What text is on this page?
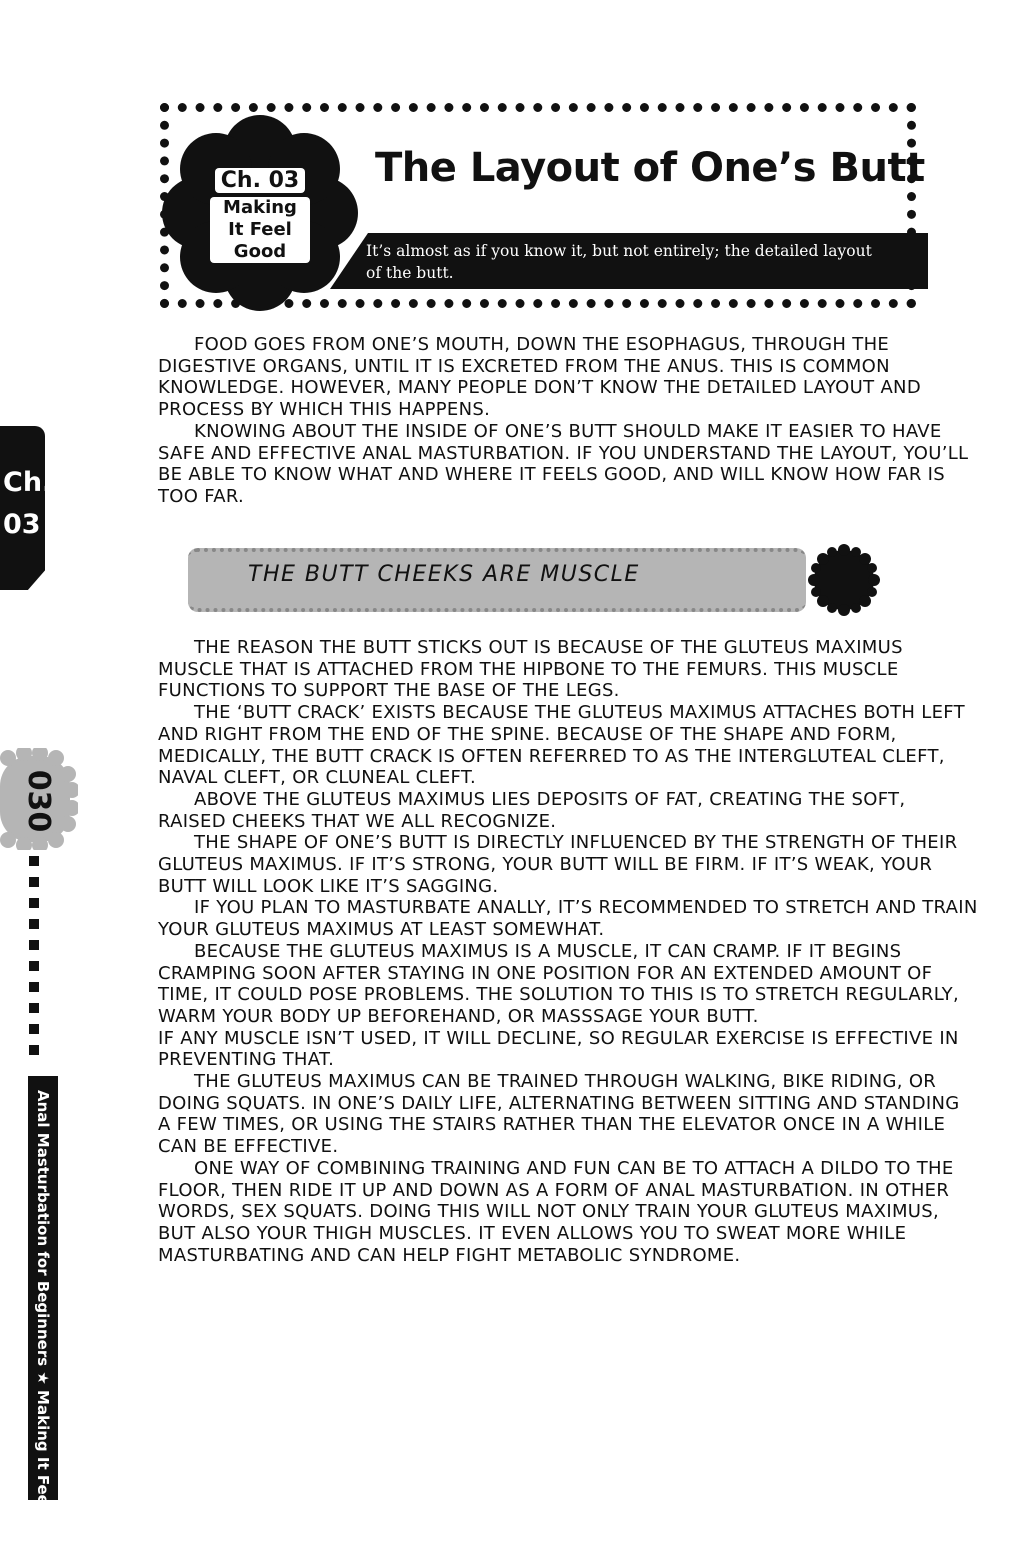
Ch. 03
Making It Feel Good
The Layout of One’s Butt
It’s almost as if you know it, but not entirely; the detailed layout of the butt.

FOOD GOES FROM ONE’S MOUTH, DOWN THE ESOPHAGUS, THROUGH THE DIGESTIVE ORGANS, UNTIL IT IS EXCRETED FROM THE ANUS. THIS IS COMMON KNOWLEDGE. HOWEVER, MANY PEOPLE DON’T KNOW THE DETAILED LAYOUT AND PROCESS BY WHICH THIS HAPPENS.

KNOWING ABOUT THE INSIDE OF ONE’S BUTT SHOULD MAKE IT EASIER TO HAVE SAFE AND EFFECTIVE ANAL MASTURBATION. IF YOU UNDERSTAND THE LAYOUT, YOU’LL BE ABLE TO KNOW WHAT AND WHERE IT FEELS GOOD, AND WILL KNOW HOW FAR IS TOO FAR.

THE BUTT CHEEKS ARE MUSCLE

THE REASON THE BUTT STICKS OUT IS BECAUSE OF THE GLUTEUS MAXIMUS MUSCLE THAT IS ATTACHED FROM THE HIPBONE TO THE FEMURS. THIS MUSCLE FUNCTIONS TO SUPPORT THE BASE OF THE LEGS.

THE ‘BUTT CRACK’ EXISTS BECAUSE THE GLUTEUS MAXIMUS ATTACHES BOTH LEFT AND RIGHT FROM THE END OF THE SPINE. BECAUSE OF THE SHAPE AND FORM, MEDICALLY, THE BUTT CRACK IS OFTEN REFERRED TO AS THE INTERGLUTEAL CLEFT, NAVAL CLEFT, OR CLUNEAL CLEFT.

ABOVE THE GLUTEUS MAXIMUS LIES DEPOSITS OF FAT, CREATING THE SOFT, RAISED CHEEKS THAT WE ALL RECOGNIZE.

THE SHAPE OF ONE’S BUTT IS DIRECTLY INFLUENCED BY THE STRENGTH OF THEIR GLUTEUS MAXIMUS. IF IT’S STRONG, YOUR BUTT WILL BE FIRM. IF IT’S WEAK, YOUR BUTT WILL LOOK LIKE IT’S SAGGING.

IF YOU PLAN TO MASTURBATE ANALLY, IT’S RECOMMENDED TO STRETCH AND TRAIN YOUR GLUTEUS MAXIMUS AT LEAST SOMEWHAT.

BECAUSE THE GLUTEUS MAXIMUS IS A MUSCLE, IT CAN CRAMP. IF IT BEGINS CRAMPING SOON AFTER STAYING IN ONE POSITION FOR AN EXTENDED AMOUNT OF TIME, IT COULD POSE PROBLEMS. THE SOLUTION TO THIS IS TO STRETCH REGULARLY, WARM YOUR BODY UP BEFOREHAND, OR MASSSAGE YOUR BUTT.

IF ANY MUSCLE ISN’T USED, IT WILL DECLINE, SO REGULAR EXERCISE IS EFFECTIVE IN PREVENTING THAT.

THE GLUTEUS MAXIMUS CAN BE TRAINED THROUGH WALKING, BIKE RIDING, OR DOING SQUATS. IN ONE’S DAILY LIFE, ALTERNATING BETWEEN SITTING AND STANDING A FEW TIMES, OR USING THE STAIRS RATHER THAN THE ELEVATOR ONCE IN A WHILE CAN BE EFFECTIVE.

ONE WAY OF COMBINING TRAINING AND FUN CAN BE TO ATTACH A DILDO TO THE FLOOR, THEN RIDE IT UP AND DOWN AS A FORM OF ANAL MASTURBATION. IN OTHER WORDS, SEX SQUATS. DOING THIS WILL NOT ONLY TRAIN YOUR GLUTEUS MAXIMUS, BUT ALSO YOUR THIGH MUSCLES. IT EVEN ALLOWS YOU TO SWEAT MORE WHILE MASTURBATING AND CAN HELP FIGHT METABOLIC SYNDROME.

Ch. 03
030
Anal Masturbation for Beginners ★ Making It Feel Good
